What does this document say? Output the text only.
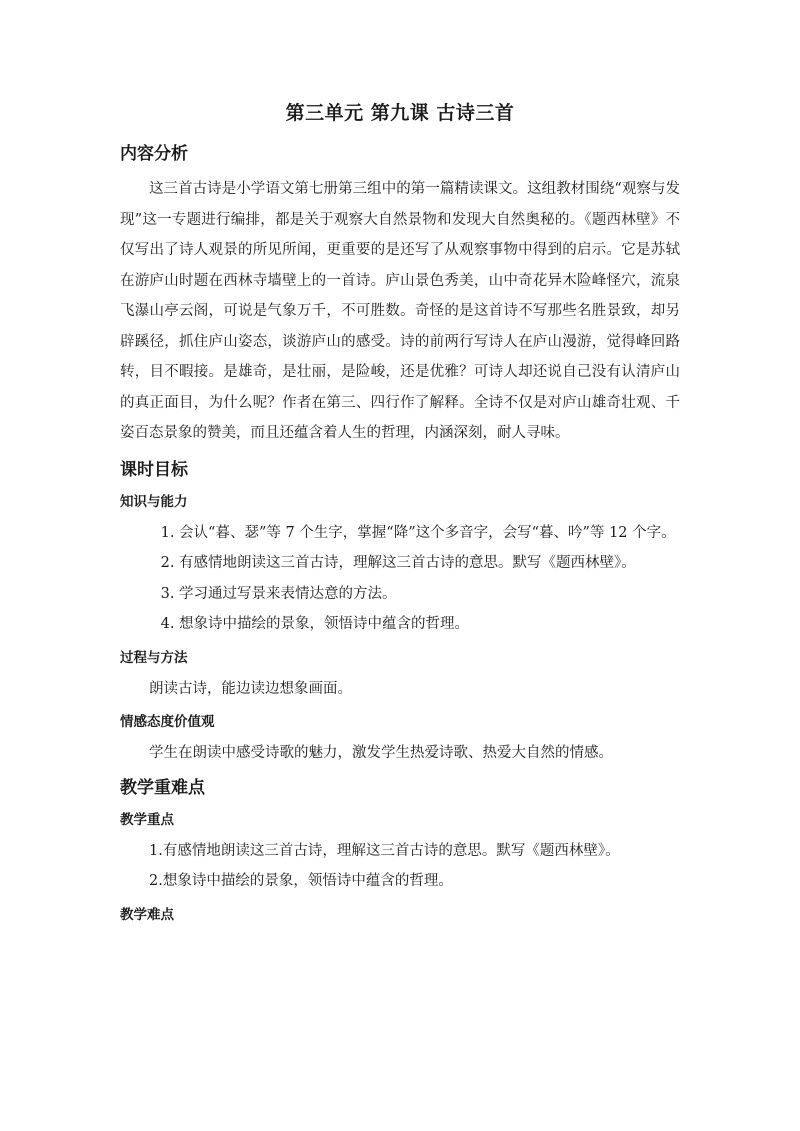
第三单元 第九课 古诗三首
内容分析

这三首古诗是小学语文第七册第三组中的第一篇精读课文。这组教材围绕“观察与发现”这一专题进行编排，都是关于观察大自然景物和发现大自然奥秘的。《题西林壁》不仅写出了诗人观景的所见所闻，更重要的是还写了从观察事物中得到的启示。它是苏轼在游庐山时题在西林寺墙壁上的一首诗。庐山景色秀美，山中奇花异木险峰怪穴，流泉飞瀑山亭云阁，可说是气象万千，不可胜数。奇怪的是这首诗不写那些名胜景致，却另辟蹊径，抓住庐山姿态，谈游庐山的感受。诗的前两行写诗人在庐山漫游，觉得峰回路转，目不暇接。是雄奇，是壮丽，是险峻，还是优雅？可诗人却还说自己没有认清庐山的真正面目，为什么呢？作者在第三、四行作了解释。全诗不仅是对庐山雄奇壮观、千姿百态景象的赞美，而且还蕴含着人生的哲理，内涵深刻，耐人寻味。

课时目标
知识与能力

1. 会认“暮、瑟”等 7 个生字，掌握“降”这个多音字，会写“暮、吟”等 12 个字。

2. 有感情地朗读这三首古诗，理解这三首古诗的意思。默写《题西林壁》。

3. 学习通过写景来表情达意的方法。

4. 想象诗中描绘的景象，领悟诗中蕴含的哲理。

过程与方法

朗读古诗，能边读边想象画面。

情感态度价值观

学生在朗读中感受诗歌的魅力，激发学生热爱诗歌、热爱大自然的情感。

教学重难点
教学重点

1.有感情地朗读这三首古诗，理解这三首古诗的意思。默写《题西林壁》。

2.想象诗中描绘的景象，领悟诗中蕴含的哲理。

教学难点
